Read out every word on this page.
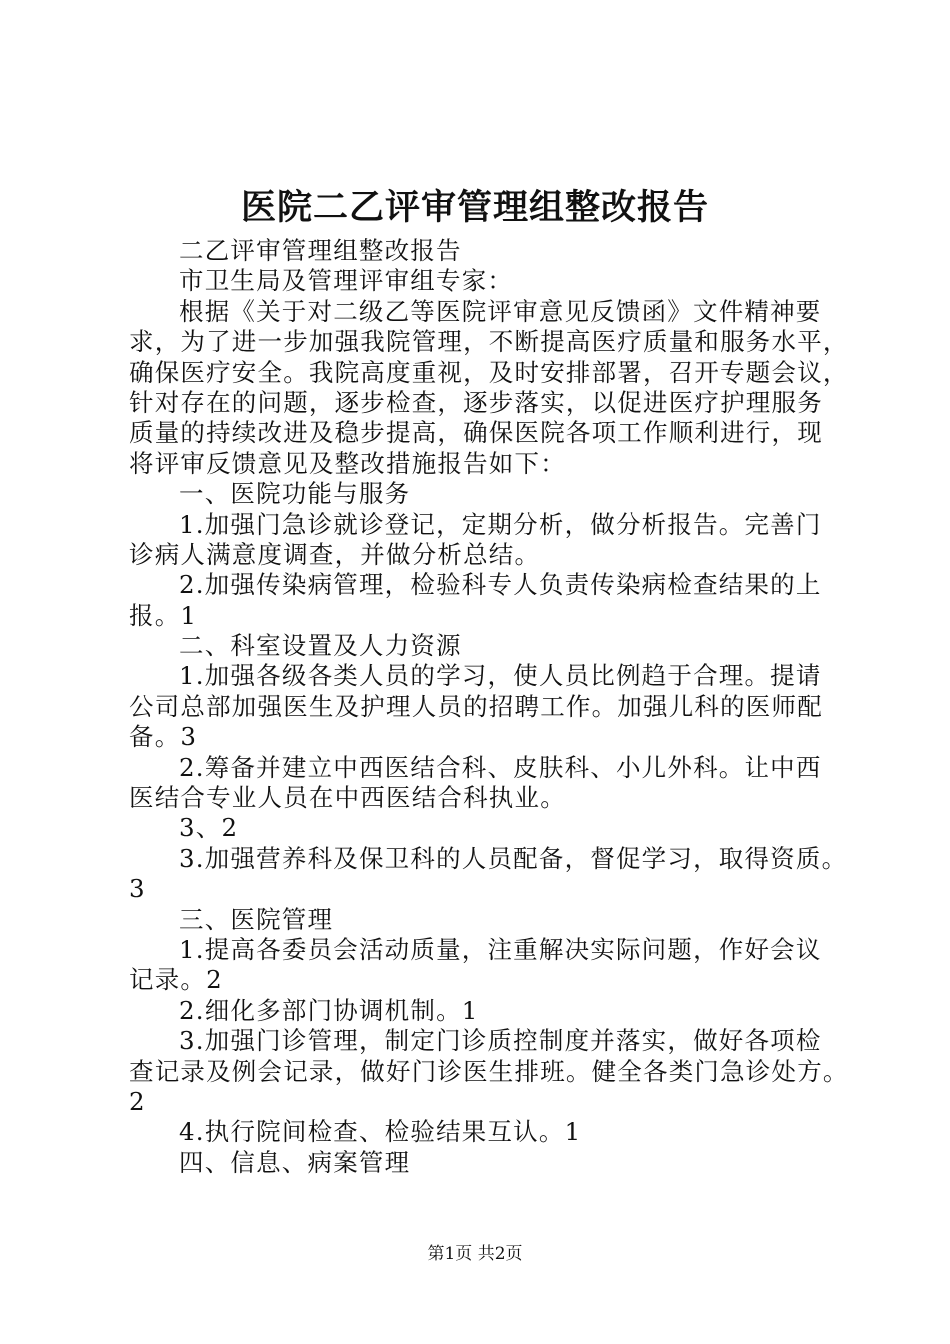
医院二乙评审管理组整改报告
二乙评审管理组整改报告
市卫生局及管理评审组专家：
根据《关于对二级乙等医院评审意见反馈函》文件精神要
求，为了进一步加强我院管理，不断提高医疗质量和服务水平，
确保医疗安全。我院高度重视，及时安排部署，召开专题会议，
针对存在的问题，逐步检查，逐步落实，以促进医疗护理服务
质量的持续改进及稳步提高，确保医院各项工作顺利进行，现
将评审反馈意见及整改措施报告如下：
一、医院功能与服务
1.加强门急诊就诊登记，定期分析，做分析报告。完善门
诊病人满意度调查，并做分析总结。
2.加强传染病管理，检验科专人负责传染病检查结果的上
报。1
二、科室设置及人力资源
1.加强各级各类人员的学习，使人员比例趋于合理。提请
公司总部加强医生及护理人员的招聘工作。加强儿科的医师配
备。3
2.筹备并建立中西医结合科、皮肤科、小儿外科。让中西
医结合专业人员在中西医结合科执业。
3、2
3.加强营养科及保卫科的人员配备，督促学习，取得资质。
3
三、医院管理
1.提高各委员会活动质量，注重解决实际问题，作好会议
记录。2
2.细化多部门协调机制。1
3.加强门诊管理，制定门诊质控制度并落实，做好各项检
查记录及例会记录，做好门诊医生排班。健全各类门急诊处方。
2
4.执行院间检查、检验结果互认。1
四、信息、病案管理
第1页 共2页
